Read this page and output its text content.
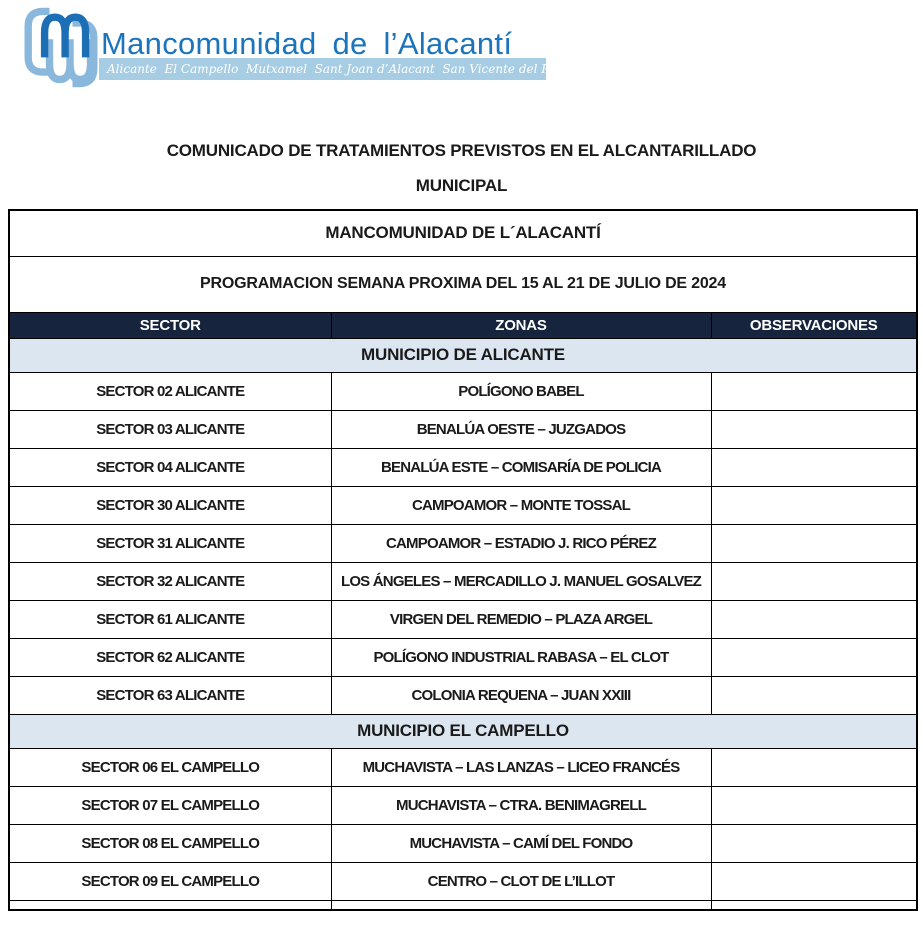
Mancomunidad de l’Alacantí
Alicante  El Campello  Mutxamel  Sant Joan d’Alacant  San Vicente del Raspeig  Agost
COMUNICADO DE TRATAMIENTOS PREVISTOS EN EL ALCANTARILLADO
MUNICIPAL
MANCOMUNIDAD DE L´ALACANTÍ		
PROGRAMACION SEMANA PROXIMA DEL 15 AL 21 DE JULIO DE 2024		
SECTOR	ZONAS	OBSERVACIONES
MUNICIPIO DE ALICANTE		
SECTOR 02 ALICANTE	POLÍGONO BABEL	
SECTOR 03 ALICANTE	BENALÚA OESTE – JUZGADOS	
SECTOR 04 ALICANTE	BENALÚA ESTE – COMISARÍA DE POLICIA	
SECTOR 30 ALICANTE	CAMPOAMOR – MONTE TOSSAL	
SECTOR 31 ALICANTE	CAMPOAMOR – ESTADIO J. RICO PÉREZ	
SECTOR 32 ALICANTE	LOS ÁNGELES – MERCADILLO J. MANUEL GOSALVEZ	
SECTOR 61 ALICANTE	VIRGEN DEL REMEDIO – PLAZA ARGEL	
SECTOR 62 ALICANTE	POLÍGONO INDUSTRIAL RABASA – EL CLOT	
SECTOR 63 ALICANTE	COLONIA REQUENA – JUAN XXIII	
MUNICIPIO EL CAMPELLO		
SECTOR 06 EL CAMPELLO	MUCHAVISTA – LAS LANZAS – LICEO FRANCÉS	
SECTOR 07 EL CAMPELLO	MUCHAVISTA – CTRA. BENIMAGRELL	
SECTOR 08 EL CAMPELLO	MUCHAVISTA – CAMÍ DEL FONDO	
SECTOR 09 EL CAMPELLO	CENTRO – CLOT DE L’ILLOT	
